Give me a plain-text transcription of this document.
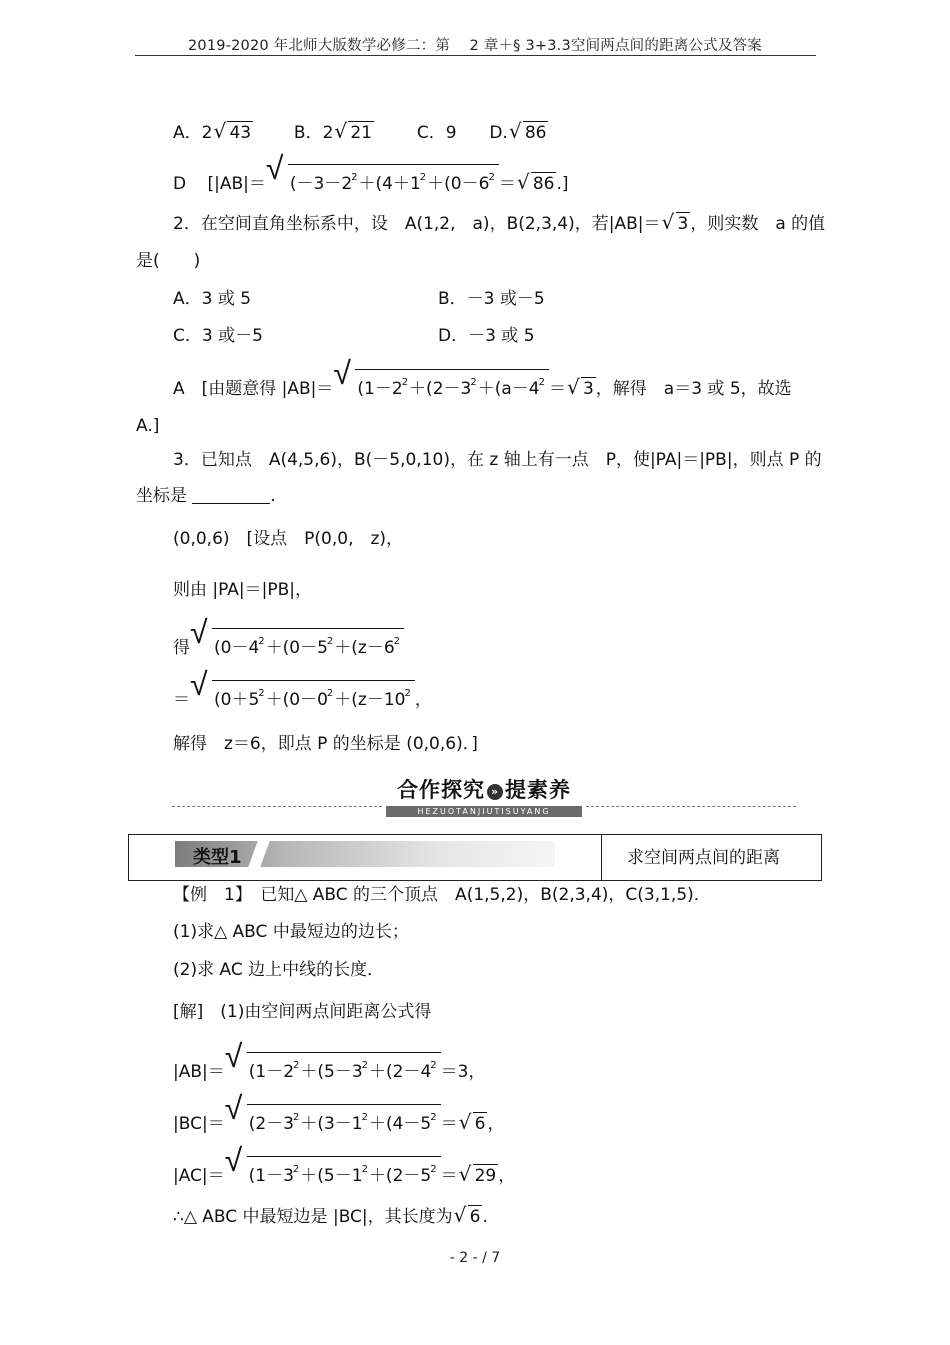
2019-2020 年北师大版数学必修二：第　 2 章＋§ 3+3.3空间两点间的距离公式及答案
A．2 √ 43	B．2 √ 21	C．9 D. √ 86
D [|AB|＝ √ ($-3-2^2+(4+1^2+(0-6^2$ ＝ √ 86 .]
2．在空间直角坐标系中，设　A(1,2,　a)，B(2,3,4)，若|AB|＝ √ 3 ，则实数　a 的值
是(　　)
A．3 或 5	B．－3 或－5
C．3 或－5	D．－3 或 5
A　[由题意得 |AB|＝ √ ($1-2^2+(2-3^2+(a-4^2$ ＝ √ 3 ，解得　a＝3 或 5，故选
A.]
3．已知点　A(4,5,6)，B(－5,0,10)，在 z 轴上有一点　P，使|PA|＝|PB|，则点 P 的
坐标是	.
(0,0,6)　[设点　P(0,0,　z)，
则由 |PA|＝|PB|，
得 √ ($0-4^2+(0-5^2+(z-6^2$
＝ √ ($0+5^2+(0-0^2+(z-10^2$ ，
解得　z＝6，即点 P 的坐标是 (0,0,6)．]
合作探究 » 提素养
HEZUOTANJIUTISUYANG
类型1	求空间两点间的距离
【例　1】　已知△ ABC 的三个顶点　A(1,5,2)，B(2,3,4)，C(3,1,5)．
(1)求△ ABC 中最短边的边长；
(2)求 AC 边上中线的长度．
[解]　(1)由空间两点间距离公式得
|AB|＝ √ ($1-2^2+(5-3^2+(2-4^2 =3$，
|BC|＝ √ ($2-3^2+(3-1^2+(4-5^2$ ＝ √ 6 ，
|AC|＝ √ ($1-3^2+(5-1^2+(2-5^2$ ＝ √ 29 ，
∴△ ABC 中最短边是 |BC|，其长度为 √ 6 .
- 2 - / 7
